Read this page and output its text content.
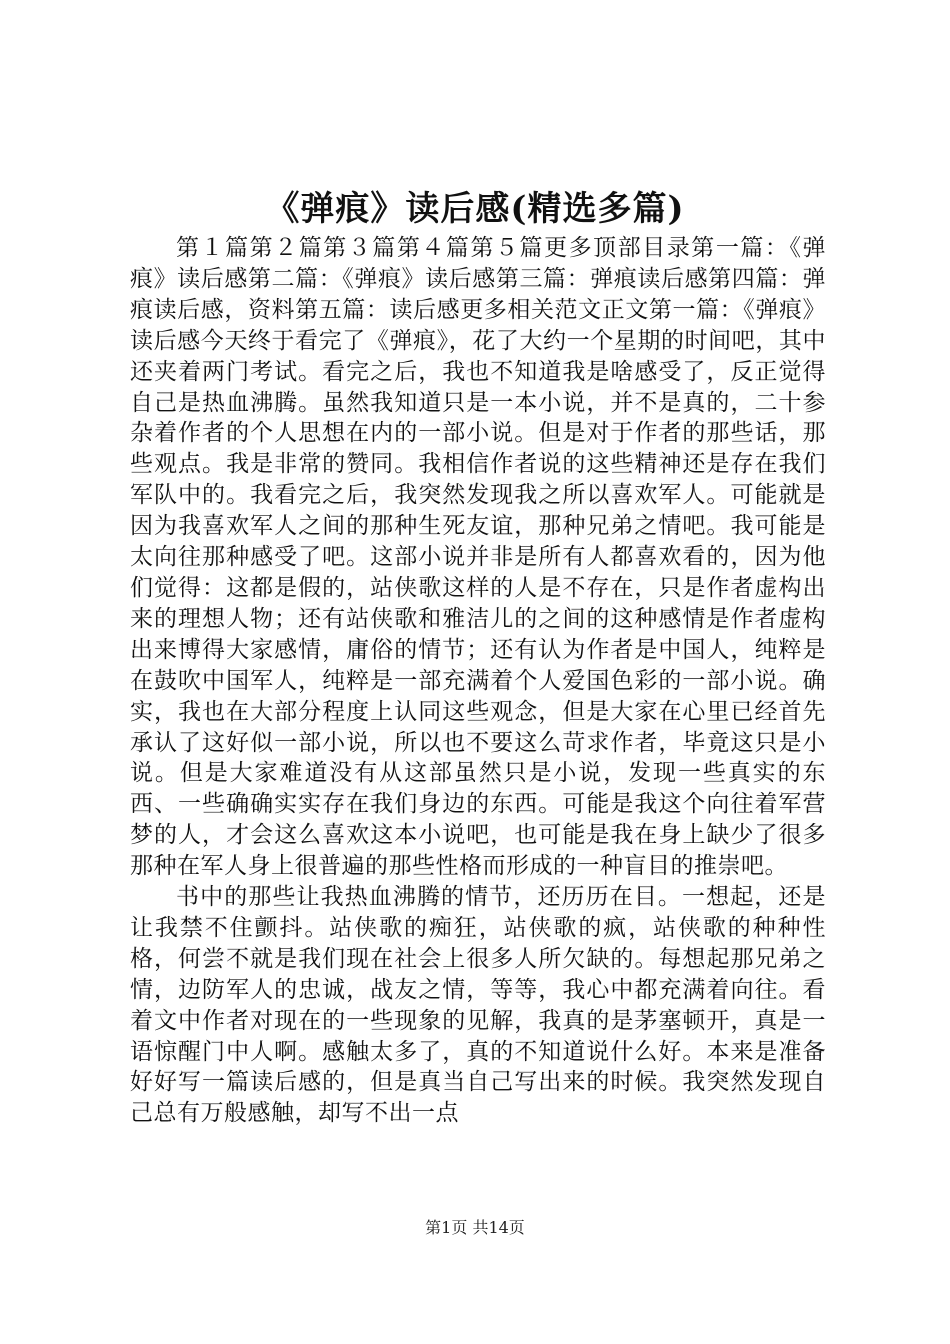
《弹痕》读后感(精选多篇)

第１篇第２篇第３篇第４篇第５篇更多顶部目录第一篇：《弹痕》读后感第二篇：《弹痕》读后感第三篇：弹痕读后感第四篇：弹痕读后感，资料第五篇：读后感更多相关范文正文第一篇：《弹痕》读后感今天终于看完了《弹痕》，花了大约一个星期的时间吧，其中还夹着两门考试。看完之后，我也不知道我是啥感受了，反正觉得自己是热血沸腾。虽然我知道只是一本小说，并不是真的，二十参杂着作者的个人思想在内的一部小说。但是对于作者的那些话，那些观点。我是非常的赞同。我相信作者说的这些精神还是存在我们军队中的。我看完之后，我突然发现我之所以喜欢军人。可能就是因为我喜欢军人之间的那种生死友谊，那种兄弟之情吧。我可能是太向往那种感受了吧。这部小说并非是所有人都喜欢看的，因为他们觉得：这都是假的，站侠歌这样的人是不存在，只是作者虚构出来的理想人物；还有站侠歌和雅洁儿的之间的这种感情是作者虚构出来博得大家感情，庸俗的情节；还有认为作者是中国人，纯粹是在鼓吹中国军人，纯粹是一部充满着个人爱国色彩的一部小说。确实，我也在大部分程度上认同这些观念，但是大家在心里已经首先承认了这好似一部小说，所以也不要这么苛求作者，毕竟这只是小说。但是大家难道没有从这部虽然只是小说，发现一些真实的东西、一些确确实实存在我们身边的东西。可能是我这个向往着军营梦的人，才会这么喜欢这本小说吧，也可能是我在身上缺少了很多那种在军人身上很普遍的那些性格而形成的一种盲目的推崇吧。

书中的那些让我热血沸腾的情节，还历历在目。一想起，还是让我禁不住颤抖。站侠歌的痴狂，站侠歌的疯，站侠歌的种种性格，何尝不就是我们现在社会上很多人所欠缺的。每想起那兄弟之情，边防军人的忠诚，战友之情，等等，我心中都充满着向往。看着文中作者对现在的一些现象的见解，我真的是茅塞顿开，真是一语惊醒门中人啊。感触太多了，真的不知道说什么好。本来是准备好好写一篇读后感的，但是真当自己写出来的时候。我突然发现自己总有万般感触，却写不出一点

第1页 共14页
